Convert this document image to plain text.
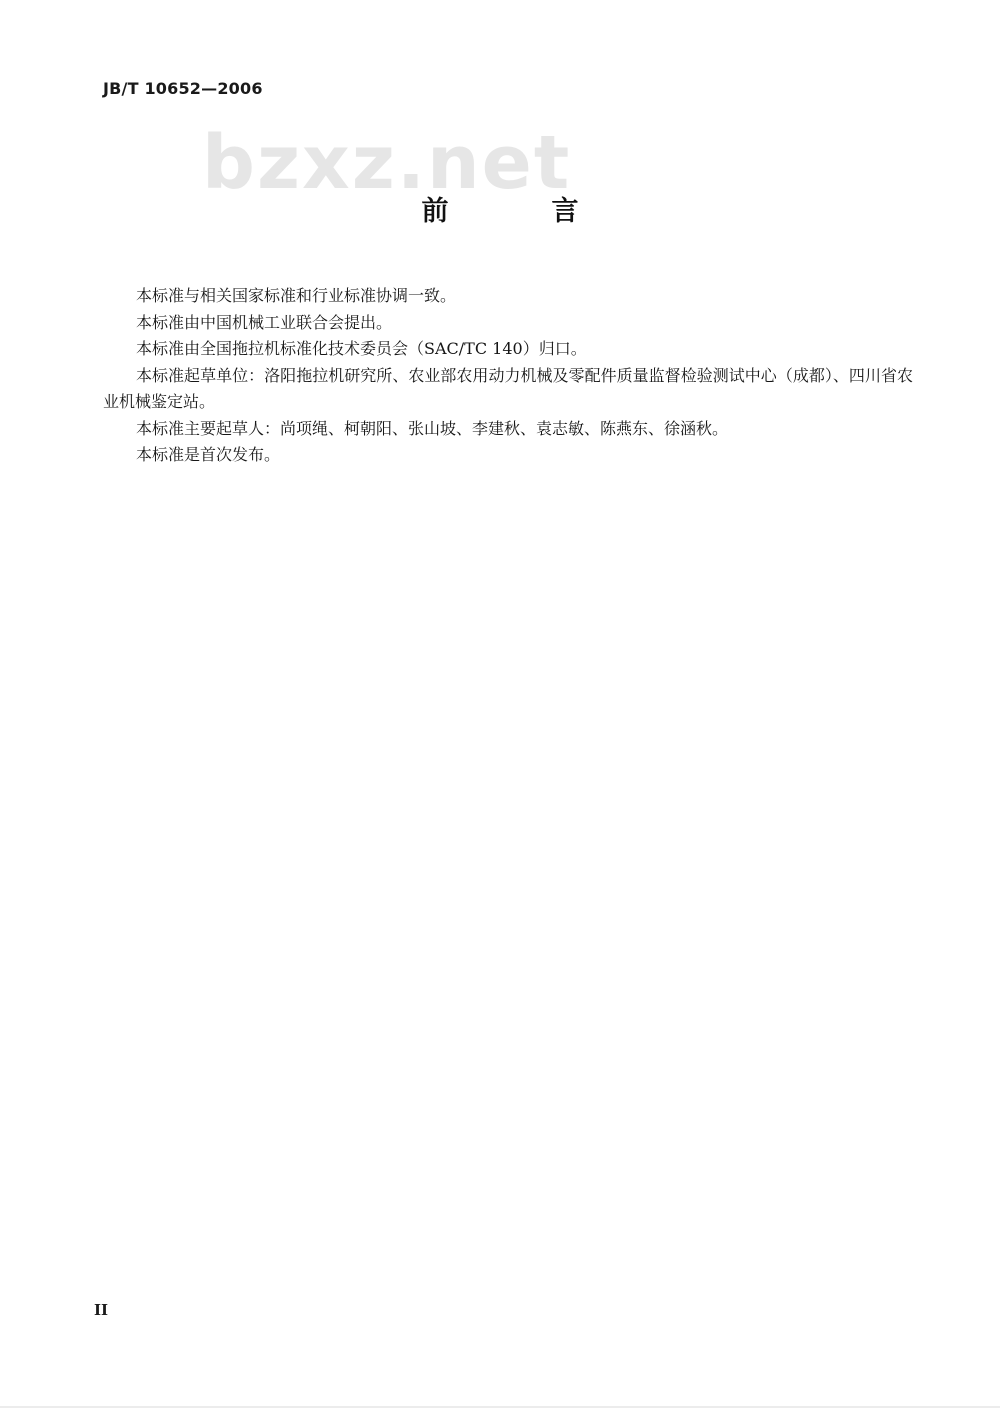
JB/T 10652—2006
bzxz.net
前　言

本标准与相关国家标准和行业标准协调一致。

本标准由中国机械工业联合会提出。

本标准由全国拖拉机标准化技术委员会（SAC/TC 140）归口。

本标准起草单位：洛阳拖拉机研究所、农业部农用动力机械及零配件质量监督检验测试中心（成都）、四川省农业机械鉴定站。

本标准主要起草人：尚项绳、柯朝阳、张山坡、李建秋、袁志敏、陈燕东、徐涵秋。

本标准是首次发布。

II
